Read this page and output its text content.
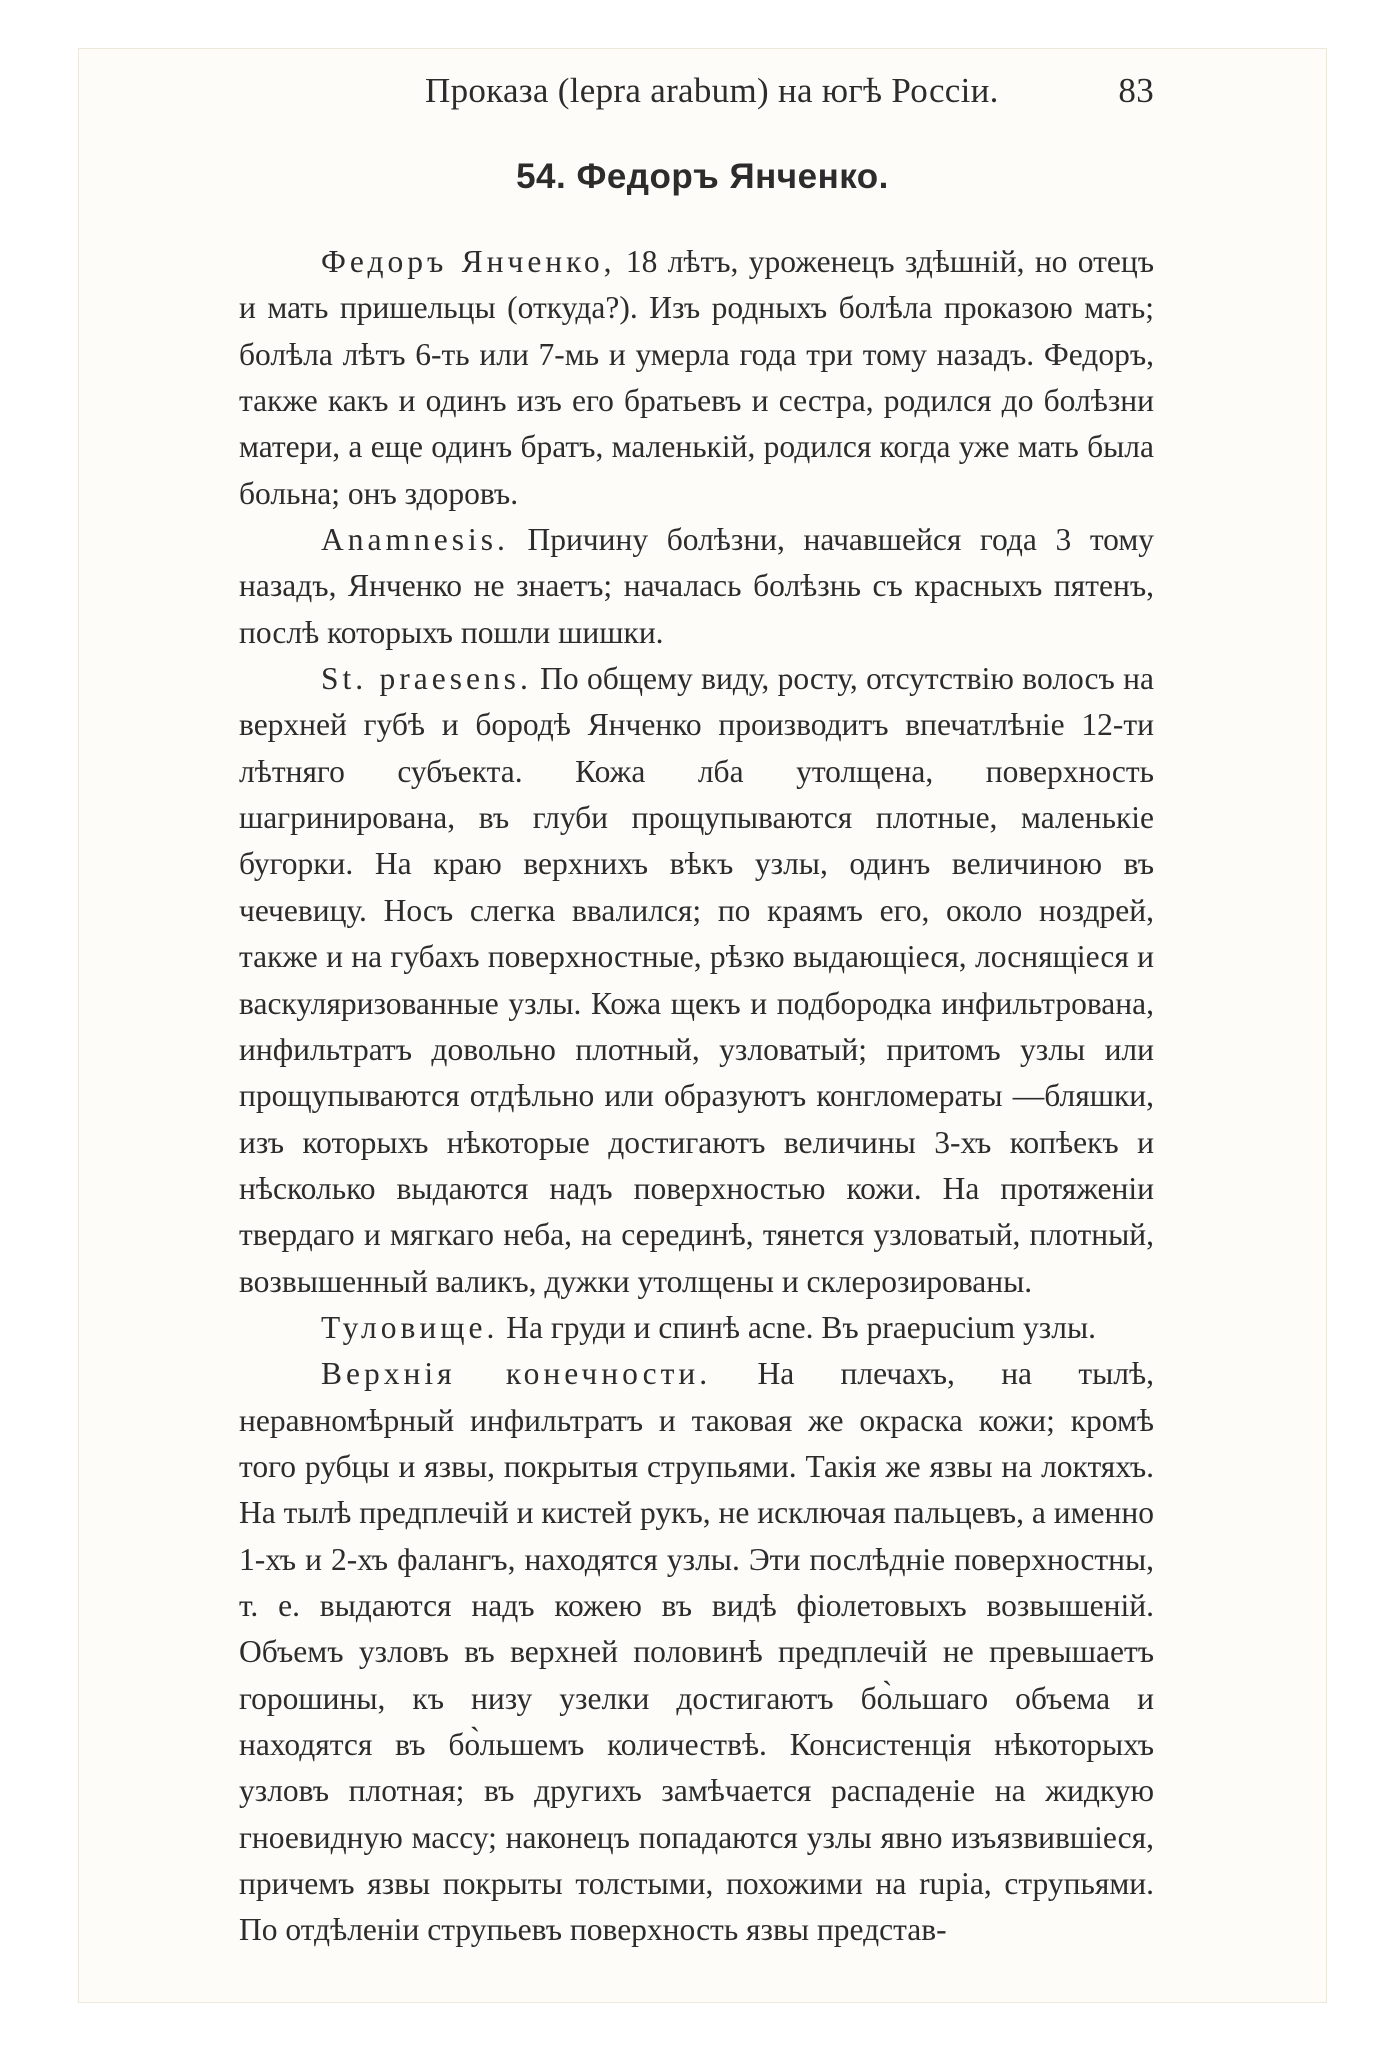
Проказа (lepra arabum) на югѣ Россіи.	83
54. Федоръ Янченко.

Федоръ Янченко, 18 лѣтъ, уроженецъ здѣшній, но отецъ и мать пришельцы (откуда?). Изъ родныхъ болѣла проказою мать; болѣла лѣтъ 6-ть или 7-мь и умерла года три тому назадъ. Федоръ, также какъ и одинъ изъ его братьевъ и сестра, родился до болѣзни матери, а еще одинъ братъ, маленькій, родился когда уже мать была больна; онъ здоровъ.

Anamnesis. Причину болѣзни, начавшейся года 3 тому назадъ, Янченко не знаетъ; началась болѣзнь съ красныхъ пятенъ, послѣ которыхъ пошли шишки.

St. praesens. По общему виду, росту, отсутствію волосъ на верхней губѣ и бородѣ Янченко производитъ впечатлѣніе 12-ти лѣтняго субъекта. Кожа лба утолщена, поверхность шагринирована, въ глуби прощупываются плотные, маленькіе бугорки. На краю верхнихъ вѣкъ узлы, одинъ величиною въ чечевицу. Носъ слегка ввалился; по краямъ его, около ноздрей, также и на губахъ поверхностные, рѣзко выдающіеся, лоснящіеся и васкуляризованные узлы. Кожа щекъ и подбородка инфильтрована, инфильтратъ довольно плотный, узловатый; притомъ узлы или прощупываются отдѣльно или образуютъ конгломераты —бляшки, изъ которыхъ нѣкоторые достигаютъ величины 3-хъ копѣекъ и нѣсколько выдаются надъ поверхностью кожи. На протяженіи твердаго и мягкаго неба, на серединѣ, тянется узловатый, плотный, возвышенный валикъ, дужки утолщены и склерозированы.

Туловище. На груди и спинѣ acne. Въ praeрucium узлы.

Верхнія конечности. На плечахъ, на тылѣ, неравномѣрный инфильтратъ и таковая же окраска кожи; кромѣ того рубцы и язвы, покрытыя струпьями. Такія же язвы на локтяхъ. На тылѣ предплечій и кистей рукъ, не исключая пальцевъ, а именно 1-хъ и 2-хъ фалангъ, находятся узлы. Эти послѣдніе поверхностны, т. е. выдаются надъ кожею въ видѣ фіолетовыхъ возвышеній. Объемъ узловъ въ верхней половинѣ предплечій не превышаетъ горошины, къ низу узелки достигаютъ бо̀льшаго объема и находятся въ бо̀льшемъ количествѣ. Консистенція нѣкоторыхъ узловъ плотная; въ другихъ замѣчается распаденіе на жидкую гноевидную массу; наконецъ попадаются узлы явно изъязвившіеся, причемъ язвы покрыты толстыми, похожими на rupia, струпьями. По отдѣленіи струпьевъ поверхность язвы представ-
